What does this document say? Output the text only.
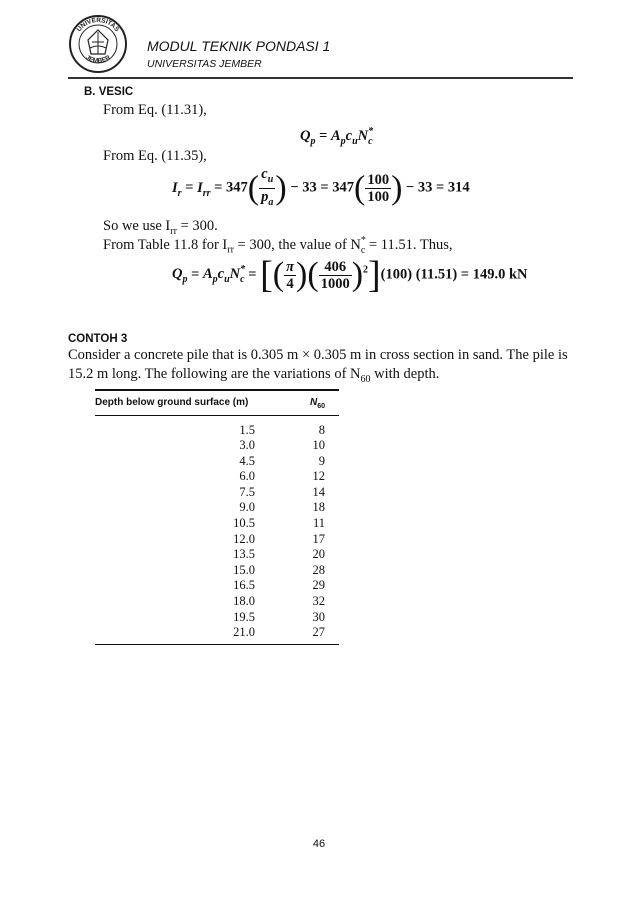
UNIVERSITAS
JEMBER
MODUL TEKNIK PONDASI 1
UNIVERSITAS JEMBER
B. VESIC
From Eq. (11.31),
$Q_p = A_pc_uN^*_c$
From Eq. (11.35),
$I_r = I_{rr} = 347( \frac{c_u}{p_a}$ ) − $33 = 347( \frac{100}{100}$ ) − 33 = 314
So we use $I_{rr} = 300$.
From Table 11.8 for $I_{rr} = 300$, the value of $N^*_c = 11.51$. Thus,
$Q_p = A_pc_uN^*_c$ = [( $\frac{\pi}{4}$ )( $\frac{406}{1000} )^2](100)$ (11.51) = 149.0 kN
CONTOH 3
Consider a concrete pile that is 0.305 m × 0.305 m in cross section in sand. The pile is
15.2 m long. The following are the variations of $N_{60}$ with depth.
Depth below ground surface (m)	$N_{60}$
1.5	8
3.0	10
4.5	9
6.0	12
7.5	14
9.0	18
10.5	11
12.0	17
13.5	20
15.0	28
16.5	29
18.0	32
19.5	30
21.0	27
46
